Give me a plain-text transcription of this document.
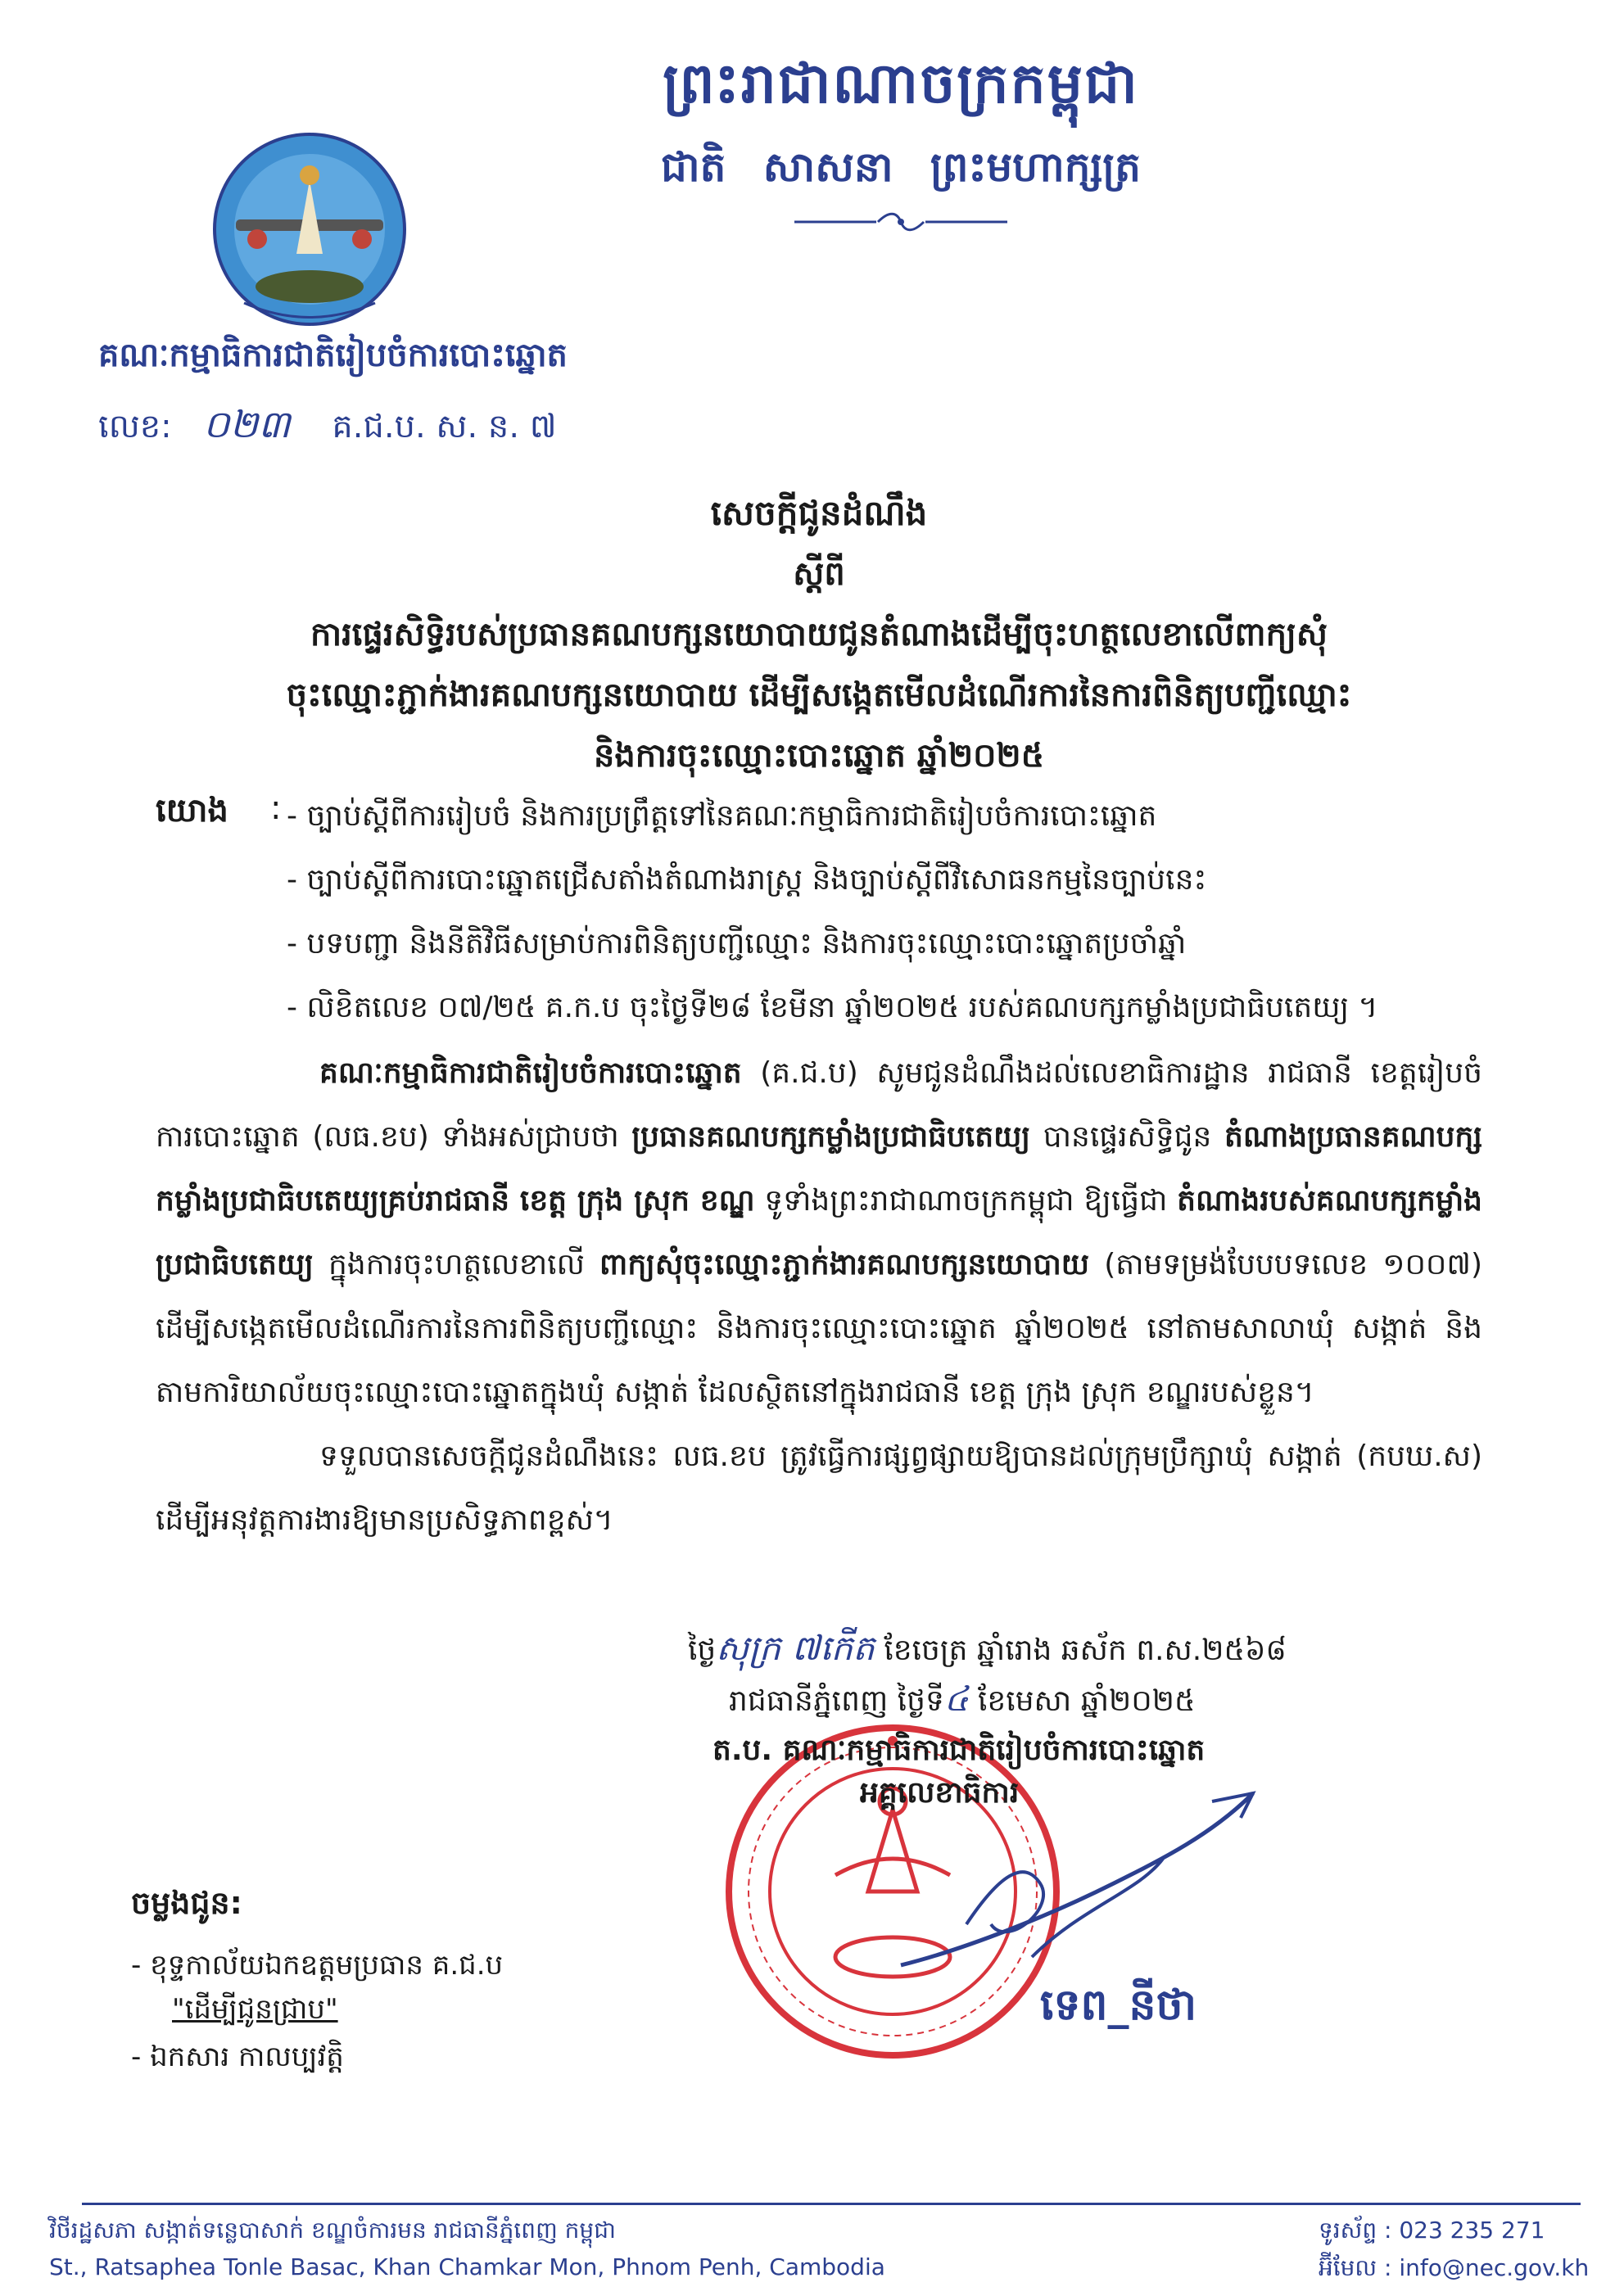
ព្រះរាជាណាចក្រកម្ពុជា
ជាតិ សាសនា ព្រះមហាក្សត្រ
គណៈកម្មាធិការជាតិរៀបចំការបោះឆ្នោត
លេខ: ០២៣ គ.ជ.ប. ស. ន. ៧
សេចក្តីជូនដំណឹង
ស្តីពី
ការផ្ទេរសិទ្ធិរបស់ប្រធានគណបក្សនយោបាយជូនតំណាងដើម្បីចុះហត្ថលេខាលើពាក្យសុំ
ចុះឈ្មោះភ្ជាក់ងារគណបក្សនយោបាយ ដើម្បីសង្កេតមើលដំណើរការនៃការពិនិត្យបញ្ជីឈ្មោះ
និងការចុះឈ្មោះបោះឆ្នោត ឆ្នាំ២០២៥
យោង : - ច្បាប់ស្តីពីការរៀបចំ និងការប្រព្រឹត្តទៅនៃគណៈកម្មាធិការជាតិរៀបចំការបោះឆ្នោត
- ច្បាប់ស្តីពីការបោះឆ្នោតជ្រើសតាំងតំណាងរាស្ត្រ និងច្បាប់ស្តីពីវិសោធនកម្មនៃច្បាប់នេះ
- បទបញ្ជា និងនីតិវិធីសម្រាប់ការពិនិត្យបញ្ជីឈ្មោះ និងការចុះឈ្មោះបោះឆ្នោតប្រចាំឆ្នាំ
- លិខិតលេខ ០៧/២៥ គ.ក.ប ចុះថ្ងៃទី២៨ ខែមីនា ឆ្នាំ២០២៥ របស់គណបក្សកម្លាំងប្រជាធិបតេយ្យ ។

គណៈកម្មាធិការជាតិរៀបចំការបោះឆ្នោត (គ.ជ.ប) សូមជូនដំណឹងដល់លេខាធិការដ្ឋាន រាជធានី ខេត្តរៀបចំការបោះឆ្នោត (លធ.ខប) ទាំងអស់ជ្រាបថា ប្រធានគណបក្សកម្លាំងប្រជាធិបតេយ្យ បានផ្ទេរសិទ្ធិជូន តំណាងប្រធានគណបក្សកម្លាំងប្រជាធិបតេយ្យគ្រប់រាជធានី ខេត្ត ក្រុង ស្រុក ខណ្ឌ ទូទាំងព្រះរាជាណាចក្រកម្ពុជា ឱ្យធ្វើជា តំណាងរបស់គណបក្សកម្លាំងប្រជាធិបតេយ្យ ក្នុងការចុះហត្ថលេខាលើ ពាក្យសុំចុះឈ្មោះភ្ជាក់ងារគណបក្សនយោបាយ (តាមទម្រង់បែបបទលេខ ១០០៧) ដើម្បីសង្កេតមើលដំណើរការនៃការពិនិត្យបញ្ជីឈ្មោះ និងការចុះឈ្មោះបោះឆ្នោត ឆ្នាំ២០២៥ នៅតាមសាលាឃុំ សង្កាត់ និងតាមការិយាល័យចុះឈ្មោះបោះឆ្នោតក្នុងឃុំ សង្កាត់ ដែលស្ថិតនៅក្នុងរាជធានី ខេត្ត ក្រុង ស្រុក ខណ្ឌរបស់ខ្លួន។

ទទួលបានសេចក្តីជូនដំណឹងនេះ លធ.ខប ត្រូវធ្វើការផ្សព្វផ្សាយឱ្យបានដល់ក្រុមប្រឹក្សាឃុំ សង្កាត់ (កបឃ.ស) ដើម្បីអនុវត្តការងារឱ្យមានប្រសិទ្ធភាពខ្ពស់។

ថ្ងៃសុក្រ ៧កើត ខែចេត្រ ឆ្នាំរោង ឆស័ក ព.ស.២៥៦៨
រាជធានីភ្នំពេញ ថ្ងៃទី៤ ខែមេសា ឆ្នាំ២០២៥
ត.ប. គណៈកម្មាធិការជាតិរៀបចំការបោះឆ្នោត
អគ្គលេខាធិការ
ទេព_នីថា
ចម្លងជូន:
- ខុទ្ទកាល័យឯកឧត្តមប្រធាន គ.ជ.ប
"ដើម្បីជូនជ្រាប"
- ឯកសារ កាលប្បវត្តិ
វិថីរដ្ឋសភា សង្កាត់ទន្លេបាសាក់ ខណ្ឌចំការមន រាជធានីភ្នំពេញ កម្ពុជា
St., Ratsaphea Tonle Basac, Khan Chamkar Mon, Phnom Penh, Cambodia
ទូរស័ព្ទ : 023 235 271
អ៊ីមែល : info@nec.gov.kh
